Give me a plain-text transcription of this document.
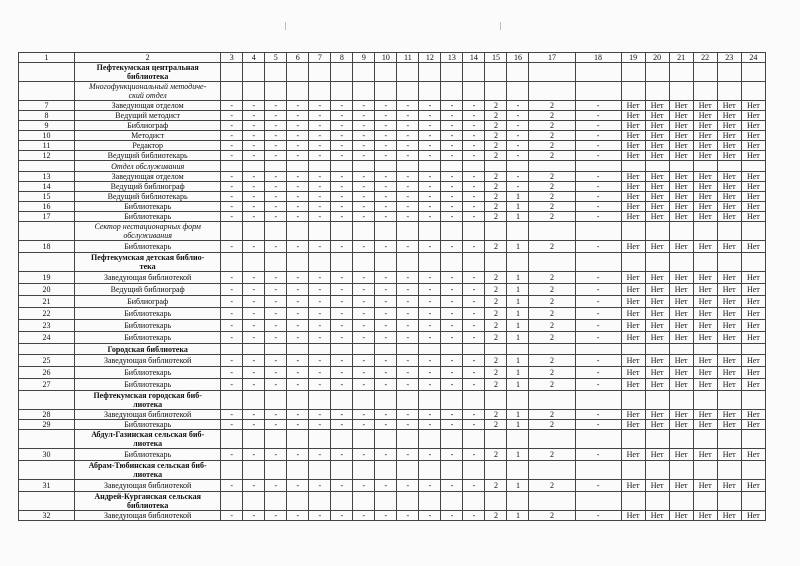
1	2	3	4	5	6	7	8	9	10	11	12	13	14	15	16	17	18	19	20	21	22	23	24

	Пефтекумская центральная
библиотека																						

	Многофункциональный методиче-
ский отдел																						

7	Заведующая отделом	-	-	-	-	-	-	-	-	-	-	-	-	2	-	2	-	Нет	Нет	Нет	Нет	Нет	Нет
8	Ведущий методист	-	-	-	-	-	-	-	-	-	-	-	-	2	-	2	-	Нет	Нет	Нет	Нет	Нет	Нет
9	Библиограф	-	-	-	-	-	-	-	-	-	-	-	-	2	-	2	-	Нет	Нет	Нет	Нет	Нет	Нет
10	Методист	-	-	-	-	-	-	-	-	-	-	-	-	2	-	2	-	Нет	Нет	Нет	Нет	Нет	Нет
11	Редактор	-	-	-	-	-	-	-	-	-	-	-	-	2	-	2	-	Нет	Нет	Нет	Нет	Нет	Нет
12	Ведущий библиотекарь	-	-	-	-	-	-	-	-	-	-	-	-	2	-	2	-	Нет	Нет	Нет	Нет	Нет	Нет

	Отдел обслуживания																						

13	Заведующая отделом	-	-	-	-	-	-	-	-	-	-	-	-	2	-	2	-	Нет	Нет	Нет	Нет	Нет	Нет
14	Ведущий библиограф	-	-	-	-	-	-	-	-	-	-	-	-	2	-	2	-	Нет	Нет	Нет	Нет	Нет	Нет
15	Ведущий библиотекарь	-	-	-	-	-	-	-	-	-	-	-	-	2	1	2	-	Нет	Нет	Нет	Нет	Нет	Нет
16	Библиотекарь	-	-	-	-	-	-	-	-	-	-	-	-	2	1	2	-	Нет	Нет	Нет	Нет	Нет	Нет
17	Библиотекарь	-	-	-	-	-	-	-	-	-	-	-	-	2	1	2	-	Нет	Нет	Нет	Нет	Нет	Нет

	Сектор нестационарных форм
обслуживания																						

18	Библиотекарь	-	-	-	-	-	-	-	-	-	-	-	-	2	1	2	-	Нет	Нет	Нет	Нет	Нет	Нет

	Пефтекумская детская библио-
тека																						

19	Заведующая библиотекой	-	-	-	-	-	-	-	-	-	-	-	-	2	1	2	-	Нет	Нет	Нет	Нет	Нет	Нет
20	Ведущий библиограф	-	-	-	-	-	-	-	-	-	-	-	-	2	1	2	-	Нет	Нет	Нет	Нет	Нет	Нет
21	Библиограф	-	-	-	-	-	-	-	-	-	-	-	-	2	1	2	-	Нет	Нет	Нет	Нет	Нет	Нет
22	Библиотекарь	-	-	-	-	-	-	-	-	-	-	-	-	2	1	2	-	Нет	Нет	Нет	Нет	Нет	Нет
23	Библиотекарь	-	-	-	-	-	-	-	-	-	-	-	-	2	1	2	-	Нет	Нет	Нет	Нет	Нет	Нет
24	Библиотекарь	-	-	-	-	-	-	-	-	-	-	-	-	2	1	2	-	Нет	Нет	Нет	Нет	Нет	Нет

	Городская библиотека																						

25	Заведующая библиотекой	-	-	-	-	-	-	-	-	-	-	-	-	2	1	2	-	Нет	Нет	Нет	Нет	Нет	Нет
26	Библиотекарь	-	-	-	-	-	-	-	-	-	-	-	-	2	1	2	-	Нет	Нет	Нет	Нет	Нет	Нет
27	Библиотекарь	-	-	-	-	-	-	-	-	-	-	-	-	2	1	2	-	Нет	Нет	Нет	Нет	Нет	Нет

	Пефтекумская городская биб-
лиотека																						

28	Заведующая библиотекой	-	-	-	-	-	-	-	-	-	-	-	-	2	1	2	-	Нет	Нет	Нет	Нет	Нет	Нет
29	Библиотекарь	-	-	-	-	-	-	-	-	-	-	-	-	2	1	2	-	Нет	Нет	Нет	Нет	Нет	Нет

	Абдул-Газинская сельская биб-
лиотека																						

30	Библиотекарь	-	-	-	-	-	-	-	-	-	-	-	-	2	1	2	-	Нет	Нет	Нет	Нет	Нет	Нет

	Абрам-Тюбинская сельская биб-
лиотека																						

31	Заведующая библиотекой	-	-	-	-	-	-	-	-	-	-	-	-	2	1	2	-	Нет	Нет	Нет	Нет	Нет	Нет

	Андрей-Курганская сельская
библиотека																						

32	Заведующая библиотекой	-	-	-	-	-	-	-	-	-	-	-	-	2	1	2	-	Нет	Нет	Нет	Нет	Нет	Нет
